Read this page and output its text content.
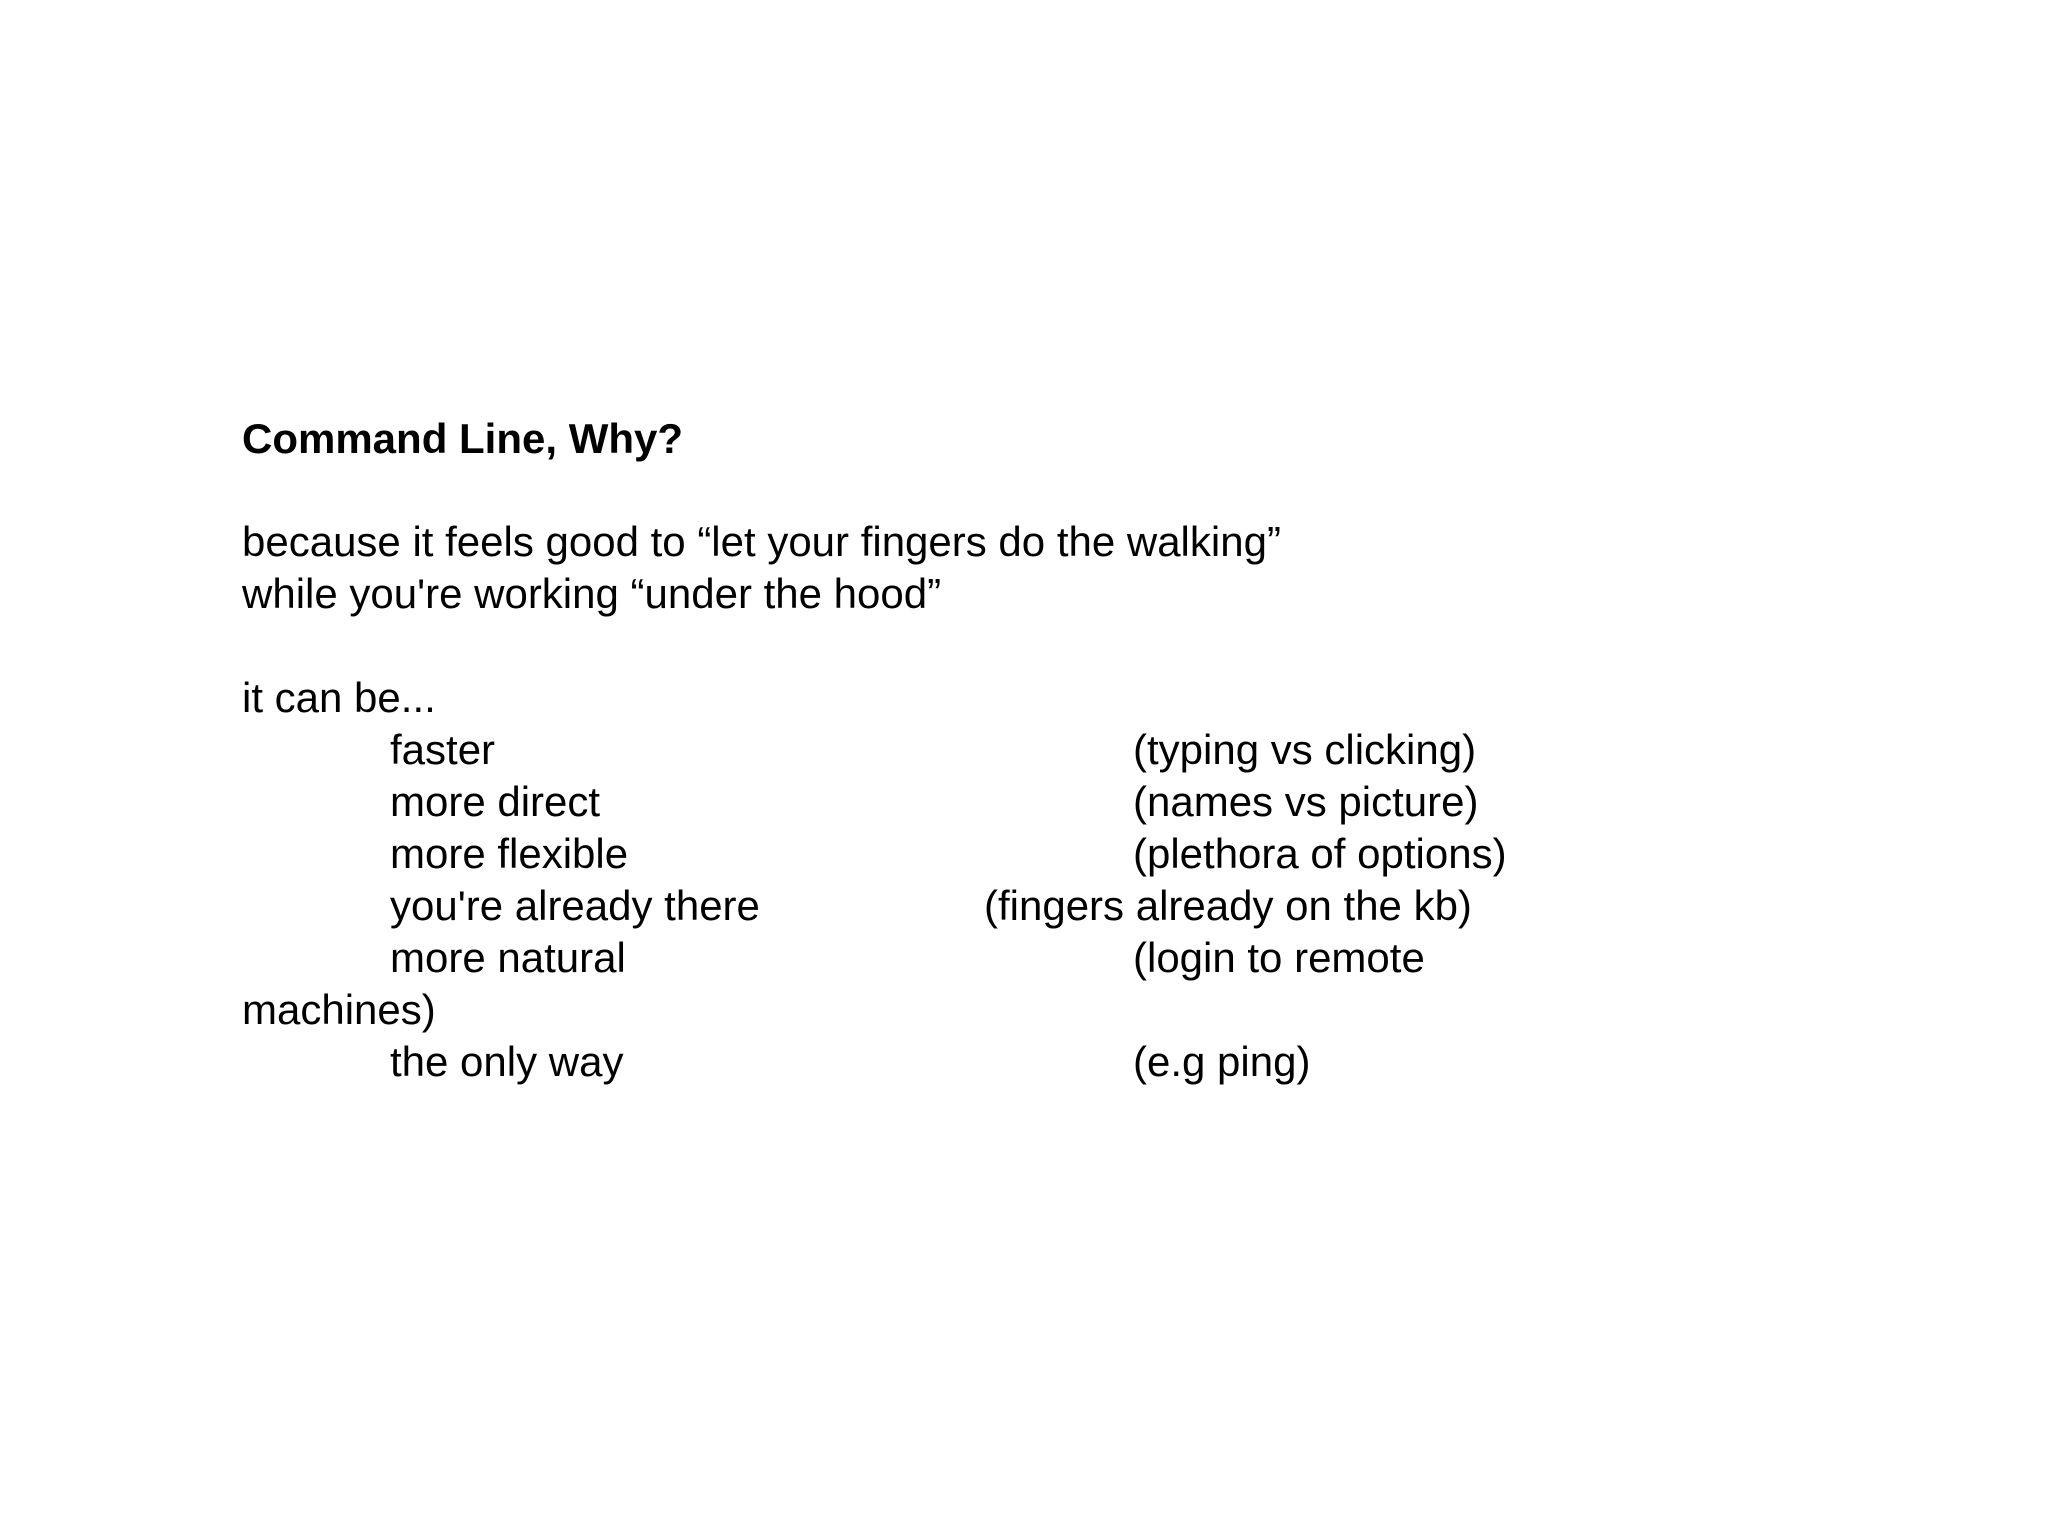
Command Line, Why?

because it feels good to “let your fingers do the walking”

while you're working “under the hood”

it can be...

faster	(typing vs clicking)

more direct	(names vs picture)

more flexible	(plethora of options)

you're already there	(fingers already on the kb)

more natural	(login to remote

machines)

the only way	(e.g ping)
